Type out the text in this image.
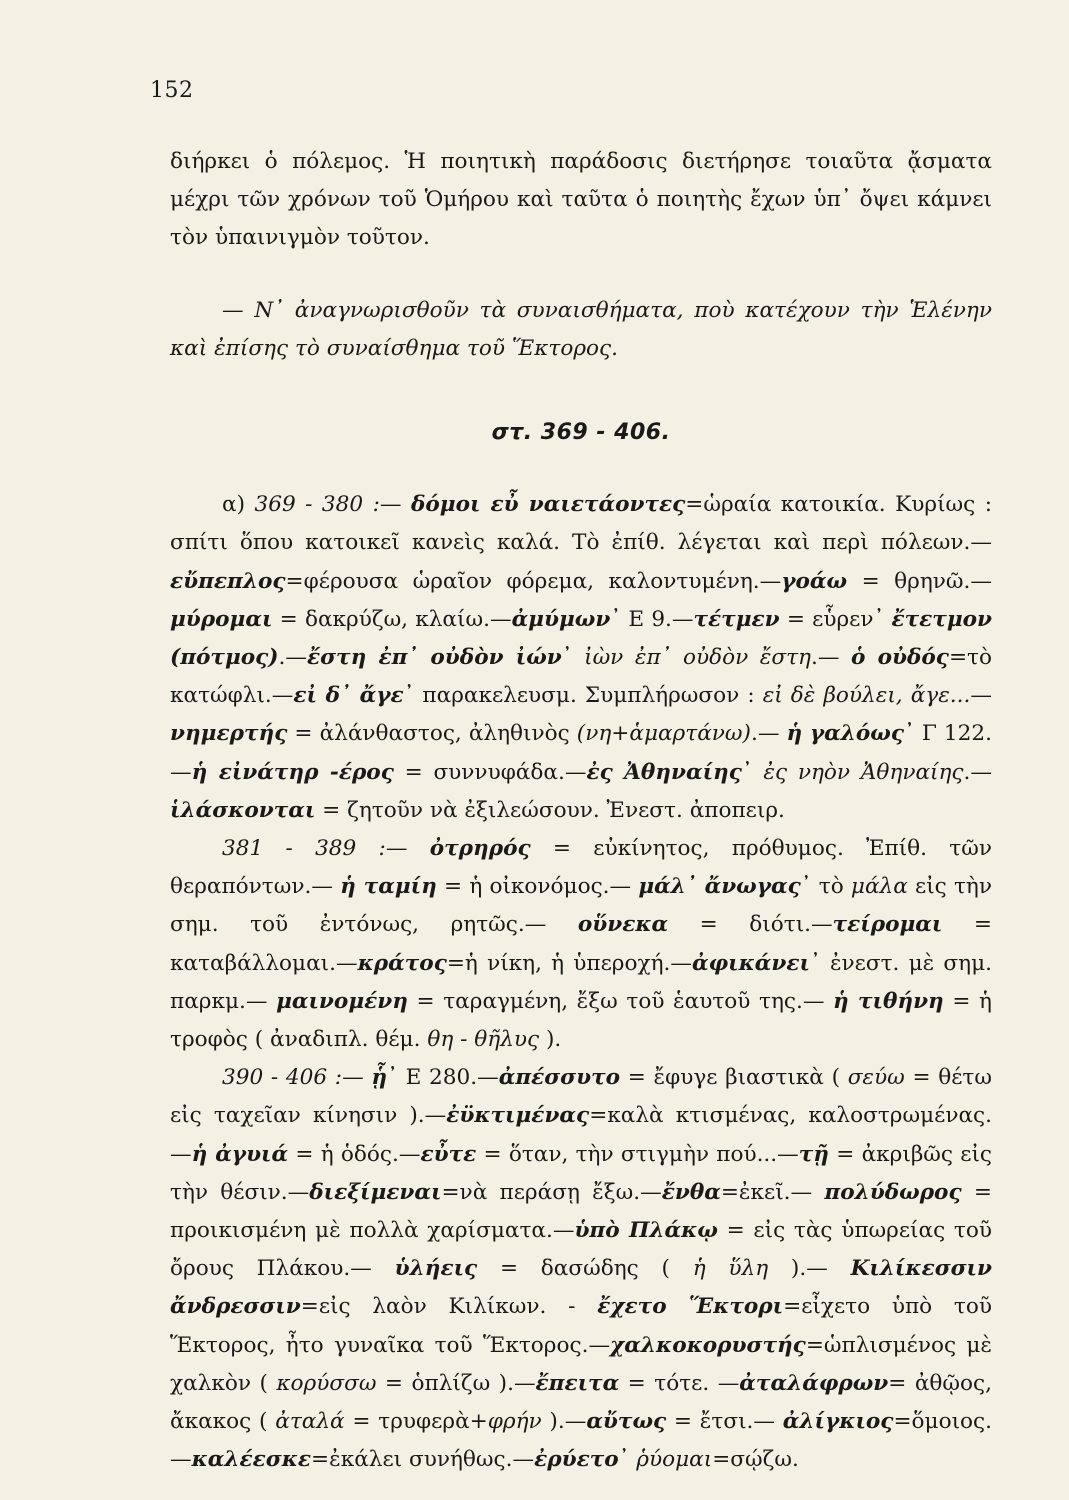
152

διήρκει ὁ πόλεμος. Ἡ ποιητικὴ παράδοσις διετήρησε τοιαῦτα ᾄσματα μέχρι τῶν χρόνων τοῦ Ὁμήρου καὶ ταῦτα ὁ ποιητὴς ἔχων ὑπ᾽ ὄψει κάμνει τὸν ὑπαινιγμὸν τοῦτον.

— Ν᾽ ἀναγνωρισθοῦν τὰ συναισθήματα, ποὺ κατέχουν τὴν Ἑλένην καὶ ἐπίσης τὸ συναίσθημα τοῦ Ἕκτορος.

στ. 369 - 406.

α) 369 - 380 :— δόμοι εὖ ναιετάοντες=ὡραία κατοικία. Κυρίως : σπίτι ὅπου κατοικεῖ κανεὶς καλά. Τὸ ἐπίθ. λέγεται καὶ περὶ πόλεων.—εὔπεπλος=φέρουσα ὡραῖον φόρεμα, καλοντυμένη.—γοάω = θρηνῶ.—μύρομαι = δακρύζω, κλαίω.—ἀμύμων᾽ Ε 9.—τέτμεν = εὗρεν᾽ ἔτετμον (πότμος).—ἔστη ἐπ᾽ οὐδὸν ἰών᾽ ἰὼν ἐπ᾽ οὐδὸν ἔστη.— ὁ οὐδός=τὸ κατώφλι.—εἰ δ᾽ ἄγε᾽ παρακελευσμ. Συμπλήρωσον : εἰ δὲ βούλει, ἄγε...—νημερτής = ἀλάνθαστος, ἀληθινὸς (νη+ἁμαρτάνω).— ἡ γαλόως᾽ Γ 122.—ἡ εἰνάτηρ -έρος = συννυφάδα.—ἐς Ἀθηναίης᾽ ἐς νηὸν Ἀθηναίης.— ἱλάσκονται = ζητοῦν νὰ ἐξιλεώσουν. Ἐνεστ. ἀποπειρ.

381 - 389 :— ὀτρηρός = εὐκίνητος, πρόθυμος. Ἐπίθ. τῶν θεραπόντων.— ἡ ταμίη = ἡ οἰκονόμος.— μάλ᾽ ἄνωγας᾽ τὸ μάλα εἰς τὴν σημ. τοῦ ἐντόνως, ρητῶς.— οὕνεκα = διότι.—τείρομαι = καταβάλλομαι.—κράτος=ἡ νίκη, ἡ ὑπεροχή.—ἀφικάνει᾽ ἐνεστ. μὲ σημ. παρκμ.— μαινομένη = ταραγμένη, ἔξω τοῦ ἑαυτοῦ της.— ἡ τιθήνη = ἡ τροφὸς ( ἀναδιπλ. θέμ. θη - θῆλυς ).

390 - 406 :— ᾗ᾽ Ε 280.—ἀπέσσυτο = ἔφυγε βιαστικὰ ( σεύω = θέτω εἰς ταχεῖαν κίνησιν ).—ἐϋκτιμένας=καλὰ κτισμένας, καλοστρωμένας. —ἡ ἀγυιά = ἡ ὁδός.—εὖτε = ὅταν, τὴν στιγμὴν πού...—τῇ = ἀκριβῶς εἰς τὴν θέσιν.—διεξίμεναι=νὰ περάσῃ ἔξω.—ἔνθα=ἐκεῖ.— πολύδωρος = προικισμένη μὲ πολλὰ χαρίσματα.—ὑπὸ Πλάκῳ = εἰς τὰς ὑπωρείας τοῦ ὄρους Πλάκου.— ὑλήεις = δασώδης ( ἡ ὕλη ).— Κιλίκεσσιν ἄνδρεσσιν=εἰς λαὸν Κιλίκων. - ἔχετο Ἕκτορι=εἶχετο ὑπὸ τοῦ Ἕκτορος, ἦτο γυναῖκα τοῦ Ἕκτορος.—χαλκοκορυστής=ὡπλισμένος μὲ χαλκὸν ( κορύσσω = ὁπλίζω ).—ἔπειτα = τότε. —ἀταλάφρων= ἀθῷος, ἄκακος ( ἀταλά = τρυφερὰ+φρήν ).—αὔτως = ἔτσι.— ἀλίγκιος=ὅμοιος.—καλέεσκε=ἐκάλει συνήθως.—ἐρύετο᾽ ῥύομαι=σῴζω.
